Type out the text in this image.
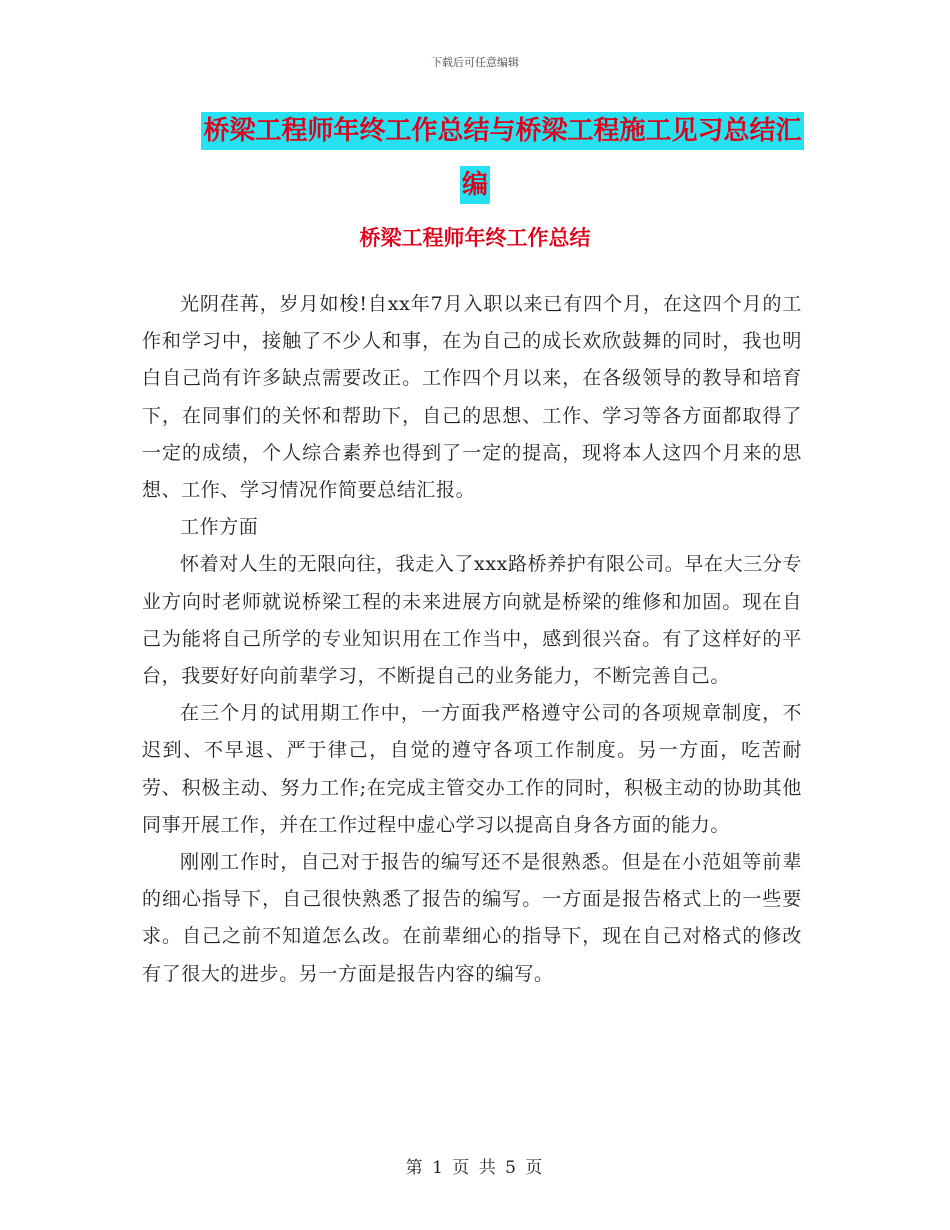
下载后可任意编辑
桥梁工程师年终工作总结与桥梁工程施工见习总结汇
编
桥梁工程师年终工作总结

光阴荏苒，岁月如梭!自xx年7月入职以来已有四个月，在这四个月的工作和学习中，接触了不少人和事，在为自己的成长欢欣鼓舞的同时，我也明白自己尚有许多缺点需要改正。工作四个月以来，在各级领导的教导和培育下，在同事们的关怀和帮助下，自己的思想、工作、学习等各方面都取得了一定的成绩，个人综合素养也得到了一定的提高，现将本人这四个月来的思想、工作、学习情况作简要总结汇报。

工作方面

怀着对人生的无限向往，我走入了xxx路桥养护有限公司。早在大三分专业方向时老师就说桥梁工程的未来进展方向就是桥梁的维修和加固。现在自己为能将自己所学的专业知识用在工作当中，感到很兴奋。有了这样好的平台，我要好好向前辈学习，不断提自己的业务能力，不断完善自己。

在三个月的试用期工作中，一方面我严格遵守公司的各项规章制度，不迟到、不早退、严于律己，自觉的遵守各项工作制度。另一方面，吃苦耐劳、积极主动、努力工作;在完成主管交办工作的同时，积极主动的协助其他同事开展工作，并在工作过程中虚心学习以提高自身各方面的能力。

刚刚工作时，自己对于报告的编写还不是很熟悉。但是在小范姐等前辈的细心指导下，自己很快熟悉了报告的编写。一方面是报告格式上的一些要求。自己之前不知道怎么改。在前辈细心的指导下，现在自己对格式的修改有了很大的进步。另一方面是报告内容的编写。

第 1 页 共 5 页
